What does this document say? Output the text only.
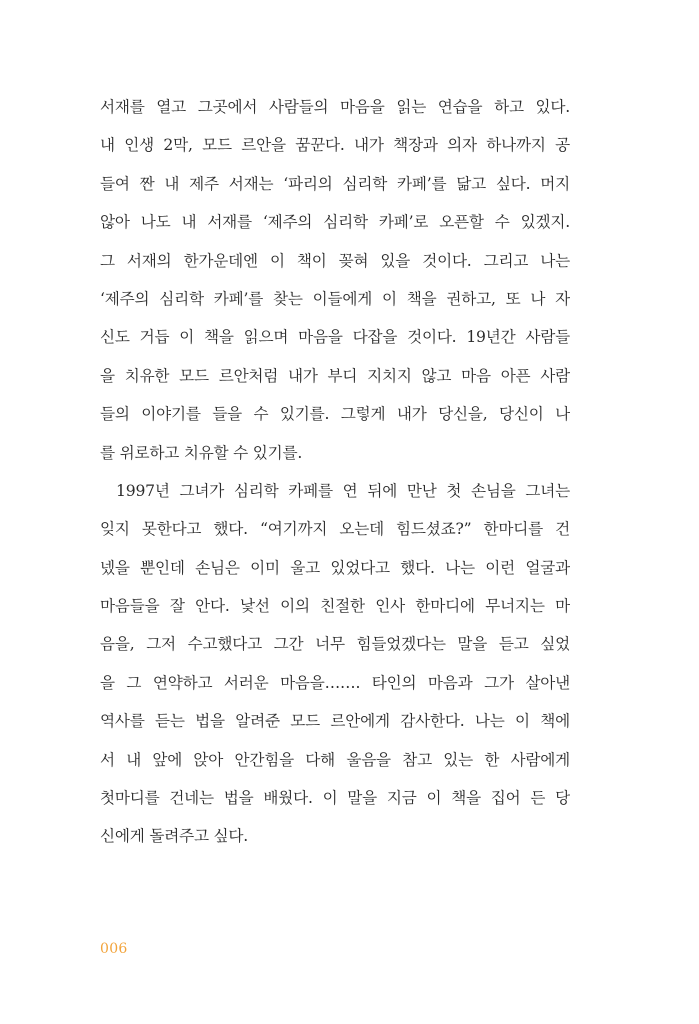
서재를 열고 그곳에서 사람들의 마음을 읽는 연습을 하고 있다.
내 인생 2막, 모드 르안을 꿈꾼다. 내가 책장과 의자 하나까지 공
들여 짠 내 제주 서재는 ‘파리의 심리학 카페’를 닮고 싶다. 머지
않아 나도 내 서재를 ‘제주의 심리학 카페’로 오픈할 수 있겠지.
그 서재의 한가운데엔 이 책이 꽂혀 있을 것이다. 그리고 나는
‘제주의 심리학 카페’를 찾는 이들에게 이 책을 권하고, 또 나 자
신도 거듭 이 책을 읽으며 마음을 다잡을 것이다. 19년간 사람들
을 치유한 모드 르안처럼 내가 부디 지치지 않고 마음 아픈 사람
들의 이야기를 들을 수 있기를. 그렇게 내가 당신을, 당신이 나
를 위로하고 치유할 수 있기를.
1997년 그녀가 심리학 카페를 연 뒤에 만난 첫 손님을 그녀는
잊지 못한다고 했다. “여기까지 오는데 힘드셨죠?” 한마디를 건
넸을 뿐인데 손님은 이미 울고 있었다고 했다. 나는 이런 얼굴과
마음들을 잘 안다. 낯선 이의 친절한 인사 한마디에 무너지는 마
음을, 그저 수고했다고 그간 너무 힘들었겠다는 말을 듣고 싶었
을 그 연약하고 서러운 마음을……. 타인의 마음과 그가 살아낸
역사를 듣는 법을 알려준 모드 르안에게 감사한다. 나는 이 책에
서 내 앞에 앉아 안간힘을 다해 울음을 참고 있는 한 사람에게
첫마디를 건네는 법을 배웠다. 이 말을 지금 이 책을 집어 든 당
신에게 돌려주고 싶다.
006
